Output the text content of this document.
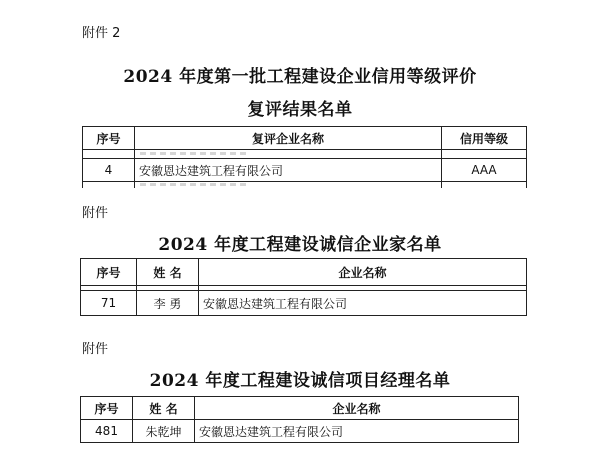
附件 2
2024 年度第一批工程建设企业信用等级评价
复评结果名单
序号	复评企业名称	信用等级

4	安徽恩达建筑工程有限公司	AAA
附件
2024 年度工程建设诚信企业家名单
序号	姓 名	企业名称

71	李 勇	安徽恩达建筑工程有限公司
附件
2024 年度工程建设诚信项目经理名单
序号	姓 名	企业名称
481	朱乾坤	安徽恩达建筑工程有限公司
